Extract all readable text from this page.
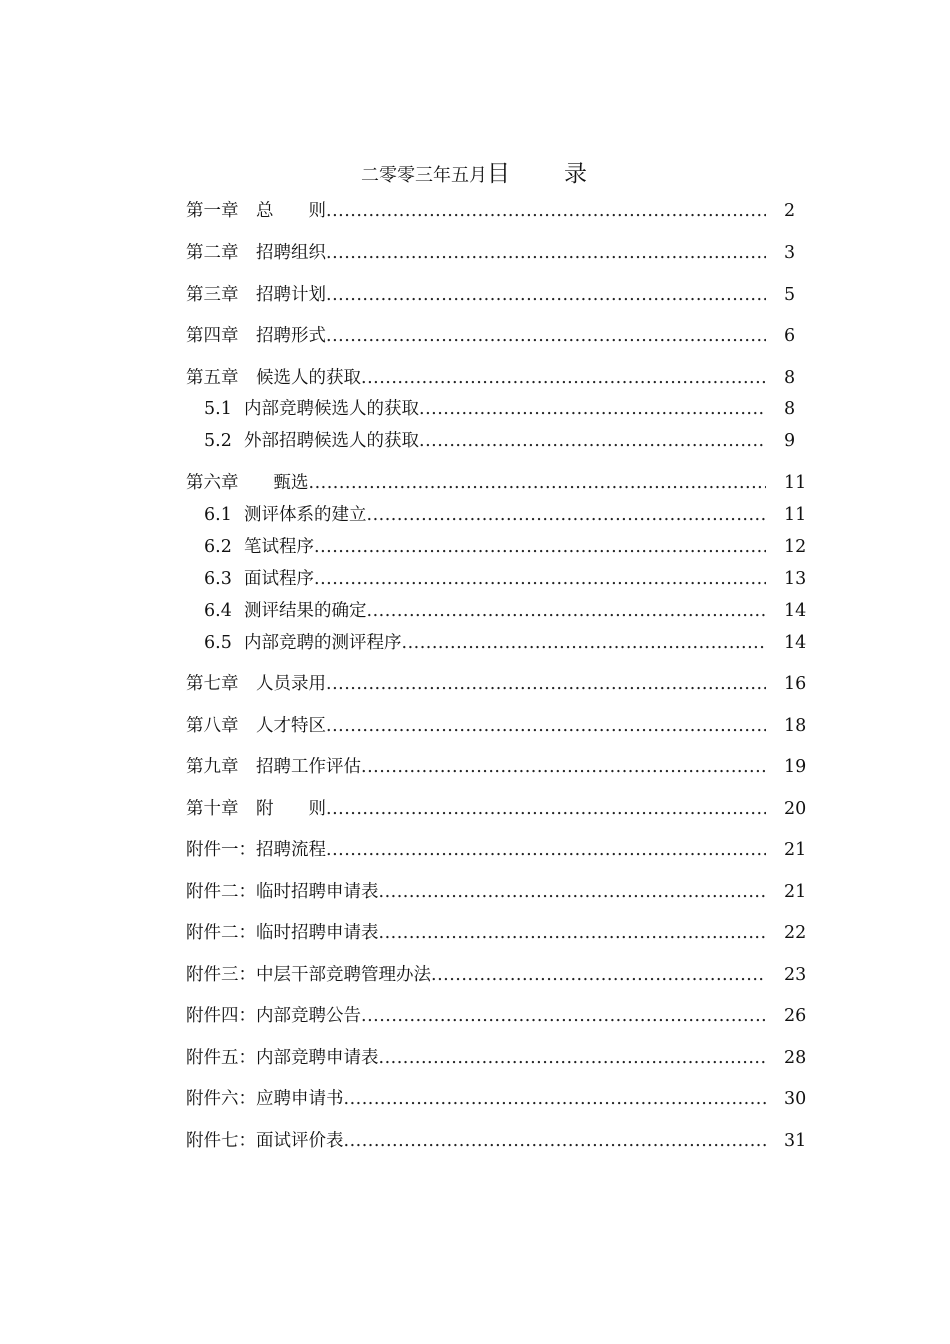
二零零三年五月目 录
第一章　 总　　则 .....	2
第二章　 招聘组织 .....	3
第三章　 招聘计划 .....	5
第四章　 招聘形式 .....	6
第五章　 候选人的获取 .....	8
5.1 内部竞聘候选人的获取 .....	8
5.2 外部招聘候选人的获取 .....	9
第六章　　甄选 .....	11
6.1 测评体系的建立 .....	11
6.2 笔试程序 .....	12
6.3 面试程序 .....	13
6.4 测评结果的确定 .....	14
6.5 内部竞聘的测评程序 .....	14
第七章　 人员录用 .....	16
第八章　 人才特区 .....	18
第九章　 招聘工作评估 .....	19
第十章　 附　　则 .....	20
附件一：招聘流程 .....	21
附件二：临时招聘申请表 .....	21
附件二：临时招聘申请表 .....	22
附件三：中层干部竞聘管理办法 .....	23
附件四：内部竞聘公告 .....	26
附件五：内部竞聘申请表 .....	28
附件六：应聘申请书 .....	30
附件七：面试评价表 .....	31
